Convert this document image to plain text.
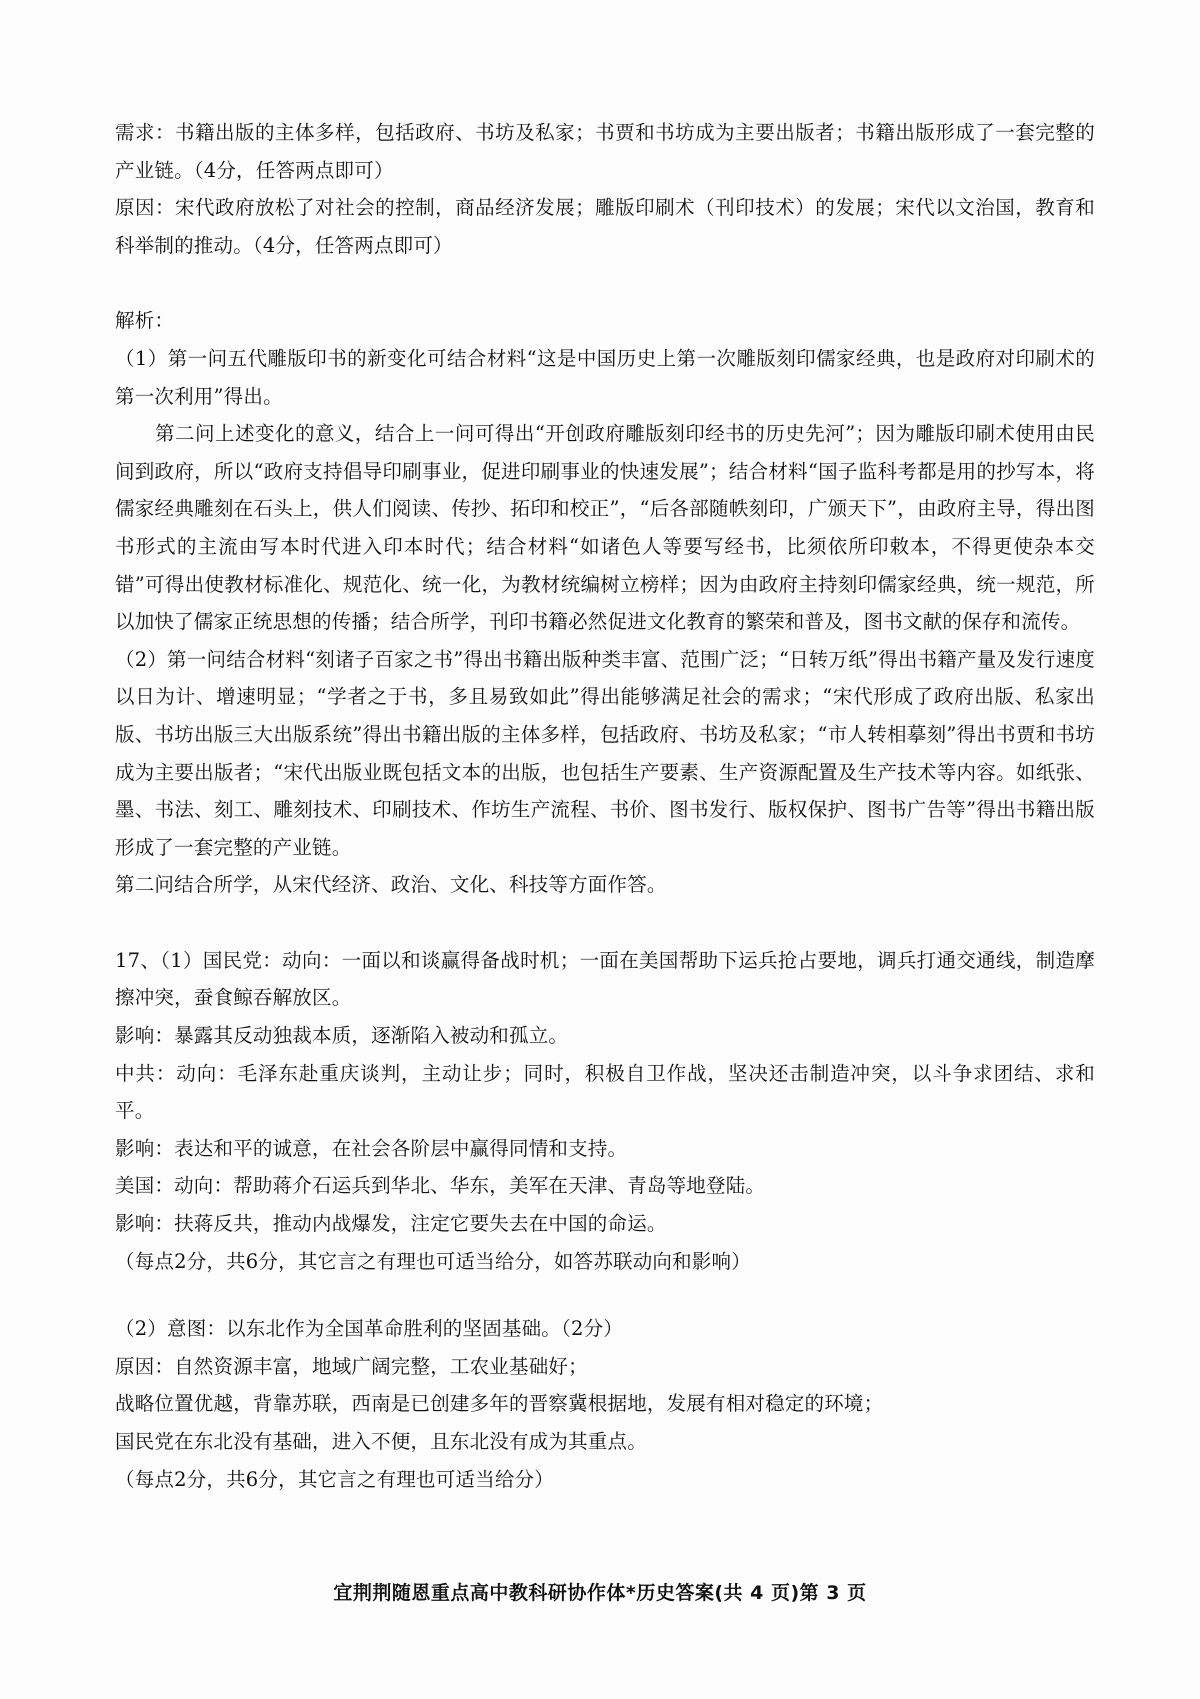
需求：书籍出版的主体多样，包括政府、书坊及私家；书贾和书坊成为主要出版者；书籍出版形成了一套完整的产业链。（4分，任答两点即可）

原因：宋代政府放松了对社会的控制，商品经济发展；雕版印刷术（刊印技术）的发展；宋代以文治国，教育和科举制的推动。（4分，任答两点即可）

解析：

（1）第一问五代雕版印书的新变化可结合材料“这是中国历史上第一次雕版刻印儒家经典，也是政府对印刷术的第一次利用”得出。

第二问上述变化的意义，结合上一问可得出“开创政府雕版刻印经书的历史先河”；因为雕版印刷术使用由民间到政府，所以“政府支持倡导印刷事业，促进印刷事业的快速发展”；结合材料“国子监科考都是用的抄写本，将儒家经典雕刻在石头上，供人们阅读、传抄、拓印和校正”，“后各部随帙刻印，广颁天下”，由政府主导，得出图书形式的主流由写本时代进入印本时代；结合材料“如诸色人等要写经书，比须依所印敕本，不得更使杂本交错”可得出使教材标准化、规范化、统一化，为教材统编树立榜样；因为由政府主持刻印儒家经典，统一规范，所以加快了儒家正统思想的传播；结合所学，刊印书籍必然促进文化教育的繁荣和普及，图书文献的保存和流传。

（2）第一问结合材料“刻诸子百家之书”得出书籍出版种类丰富、范围广泛；“日转万纸”得出书籍产量及发行速度以日为计、增速明显；“学者之于书，多且易致如此”得出能够满足社会的需求；“宋代形成了政府出版、私家出版、书坊出版三大出版系统”得出书籍出版的主体多样，包括政府、书坊及私家；“市人转相摹刻”得出书贾和书坊成为主要出版者；“宋代出版业既包括文本的出版，也包括生产要素、生产资源配置及生产技术等内容。如纸张、墨、书法、刻工、雕刻技术、印刷技术、作坊生产流程、书价、图书发行、版权保护、图书广告等”得出书籍出版形成了一套完整的产业链。

第二问结合所学，从宋代经济、政治、文化、科技等方面作答。

17、（1）国民党：动向：一面以和谈赢得备战时机；一面在美国帮助下运兵抢占要地，调兵打通交通线，制造摩擦冲突，蚕食鲸吞解放区。

影响：暴露其反动独裁本质，逐渐陷入被动和孤立。

中共：动向：毛泽东赴重庆谈判，主动让步；同时，积极自卫作战，坚决还击制造冲突，以斗争求团结、求和平。

影响：表达和平的诚意，在社会各阶层中赢得同情和支持。

美国：动向：帮助蒋介石运兵到华北、华东，美军在天津、青岛等地登陆。

影响：扶蒋反共，推动内战爆发，注定它要失去在中国的命运。

（每点2分，共6分，其它言之有理也可适当给分，如答苏联动向和影响）

（2）意图：以东北作为全国革命胜利的坚固基础。（2分）

原因：自然资源丰富，地域广阔完整，工农业基础好；

战略位置优越，背靠苏联，西南是已创建多年的晋察冀根据地，发展有相对稳定的环境；

国民党在东北没有基础，进入不便，且东北没有成为其重点。

（每点2分，共6分，其它言之有理也可适当给分）

宜荆荆随恩重点高中教科研协作体*历史答案(共 4 页)第 3 页
